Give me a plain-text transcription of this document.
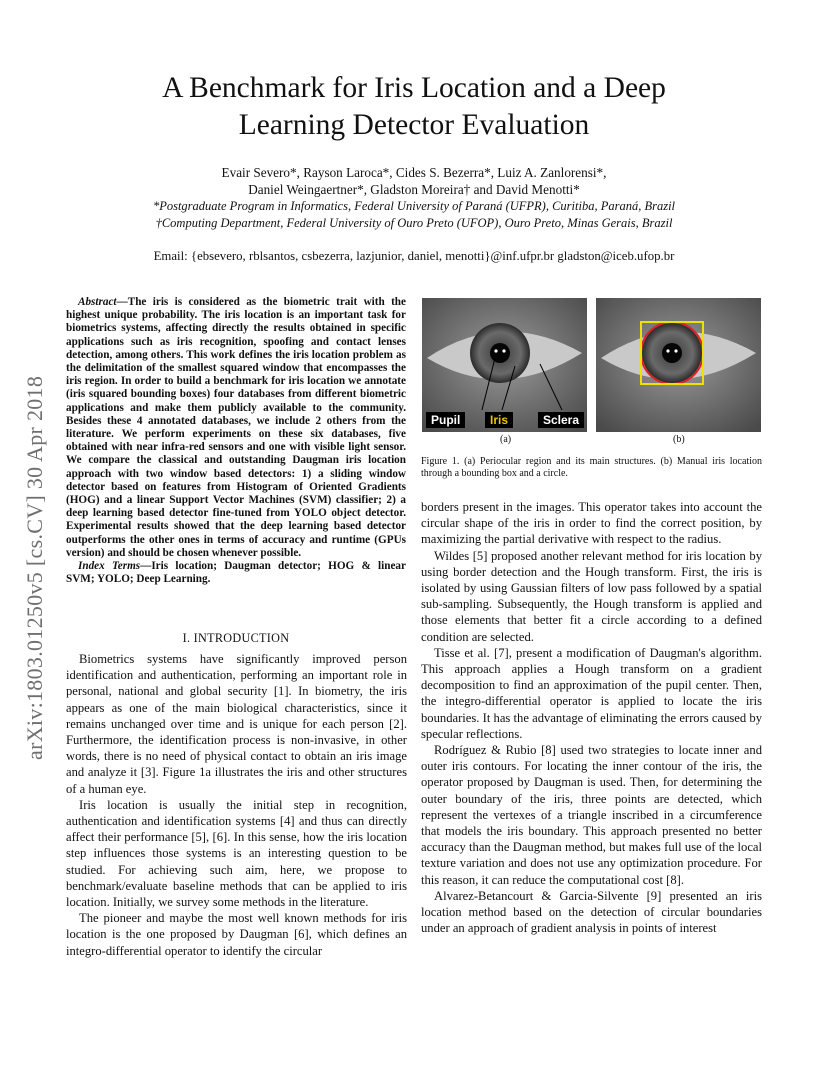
arXiv:1803.01250v5 [cs.CV] 30 Apr 2018
A Benchmark for Iris Location and a Deep
Learning Detector Evaluation
Evair Severo*, Rayson Laroca*, Cides S. Bezerra*, Luiz A. Zanlorensi*,
Daniel Weingaertner*, Gladston Moreira† and David Menotti*
*Postgraduate Program in Informatics, Federal University of Paraná (UFPR), Curitiba, Paraná, Brazil
†Computing Department, Federal University of Ouro Preto (UFOP), Ouro Preto, Minas Gerais, Brazil
Email: {ebsevero, rblsantos, csbezerra, lazjunior, daniel, menotti}@inf.ufpr.br gladston@iceb.ufop.br

Abstract—The iris is considered as the biometric trait with the highest unique probability. The iris location is an important task for biometrics systems, affecting directly the results obtained in specific applications such as iris recognition, spoofing and contact lenses detection, among others. This work defines the iris location problem as the delimitation of the smallest squared window that encompasses the iris region. In order to build a benchmark for iris location we annotate (iris squared bounding boxes) four databases from different biometric applications and make them publicly available to the community. Besides these 4 annotated databases, we include 2 others from the literature. We perform experiments on these six databases, five obtained with near infra-red sensors and one with visible light sensor. We compare the classical and outstanding Daugman iris location approach with two window based detectors: 1) a sliding window detector based on features from Histogram of Oriented Gradients (HOG) and a linear Support Vector Machines (SVM) classifier; 2) a deep learning based detector fine-tuned from YOLO object detector. Experimental results showed that the deep learning based detector outperforms the other ones in terms of accuracy and runtime (GPUs version) and should be chosen whenever possible.

Index Terms—Iris location; Daugman detector; HOG & linear SVM; YOLO; Deep Learning.

I. INTRODUCTION

Biometrics systems have significantly improved person identification and authentication, performing an important role in personal, national and global security [1]. In biometry, the iris appears as one of the main biological characteristics, since it remains unchanged over time and is unique for each person [2]. Furthermore, the identification process is non-invasive, in other words, there is no need of physical contact to obtain an iris image and analyze it [3]. Figure 1a illustrates the iris and other structures of a human eye.

Iris location is usually the initial step in recognition, authentication and identification systems [4] and thus can directly affect their performance [5], [6]. In this sense, how the iris location step influences those systems is an interesting question to be studied. For achieving such aim, here, we propose to benchmark/evaluate baseline methods that can be applied to iris location. Initially, we survey some methods in the literature.

The pioneer and maybe the most well known methods for iris location is the one proposed by Daugman [6], which defines an integro-differential operator to identify the circular

Pupil	Iris	Sclera
(a)	(b)

Figure 1. (a) Periocular region and its main structures. (b) Manual iris location through a bounding box and a circle.

borders present in the images. This operator takes into account the circular shape of the iris in order to find the correct position, by maximizing the partial derivative with respect to the radius.

Wildes [5] proposed another relevant method for iris location by using border detection and the Hough transform. First, the iris is isolated by using Gaussian filters of low pass followed by a spatial sub-sampling. Subsequently, the Hough transform is applied and those elements that better fit a circle according to a defined condition are selected.

Tisse et al. [7], present a modification of Daugman's algorithm. This approach applies a Hough transform on a gradient decomposition to find an approximation of the pupil center. Then, the integro-differential operator is applied to locate the iris boundaries. It has the advantage of eliminating the errors caused by specular reflections.

Rodríguez & Rubio [8] used two strategies to locate inner and outer iris contours. For locating the inner contour of the iris, the operator proposed by Daugman is used. Then, for determining the outer boundary of the iris, three points are detected, which represent the vertexes of a triangle inscribed in a circumference that models the iris boundary. This approach presented no better accuracy than the Daugman method, but makes full use of the local texture variation and does not use any optimization procedure. For this reason, it can reduce the computational cost [8].

Alvarez-Betancourt & Garcia-Silvente [9] presented an iris location method based on the detection of circular boundaries under an approach of gradient analysis in points of interest
